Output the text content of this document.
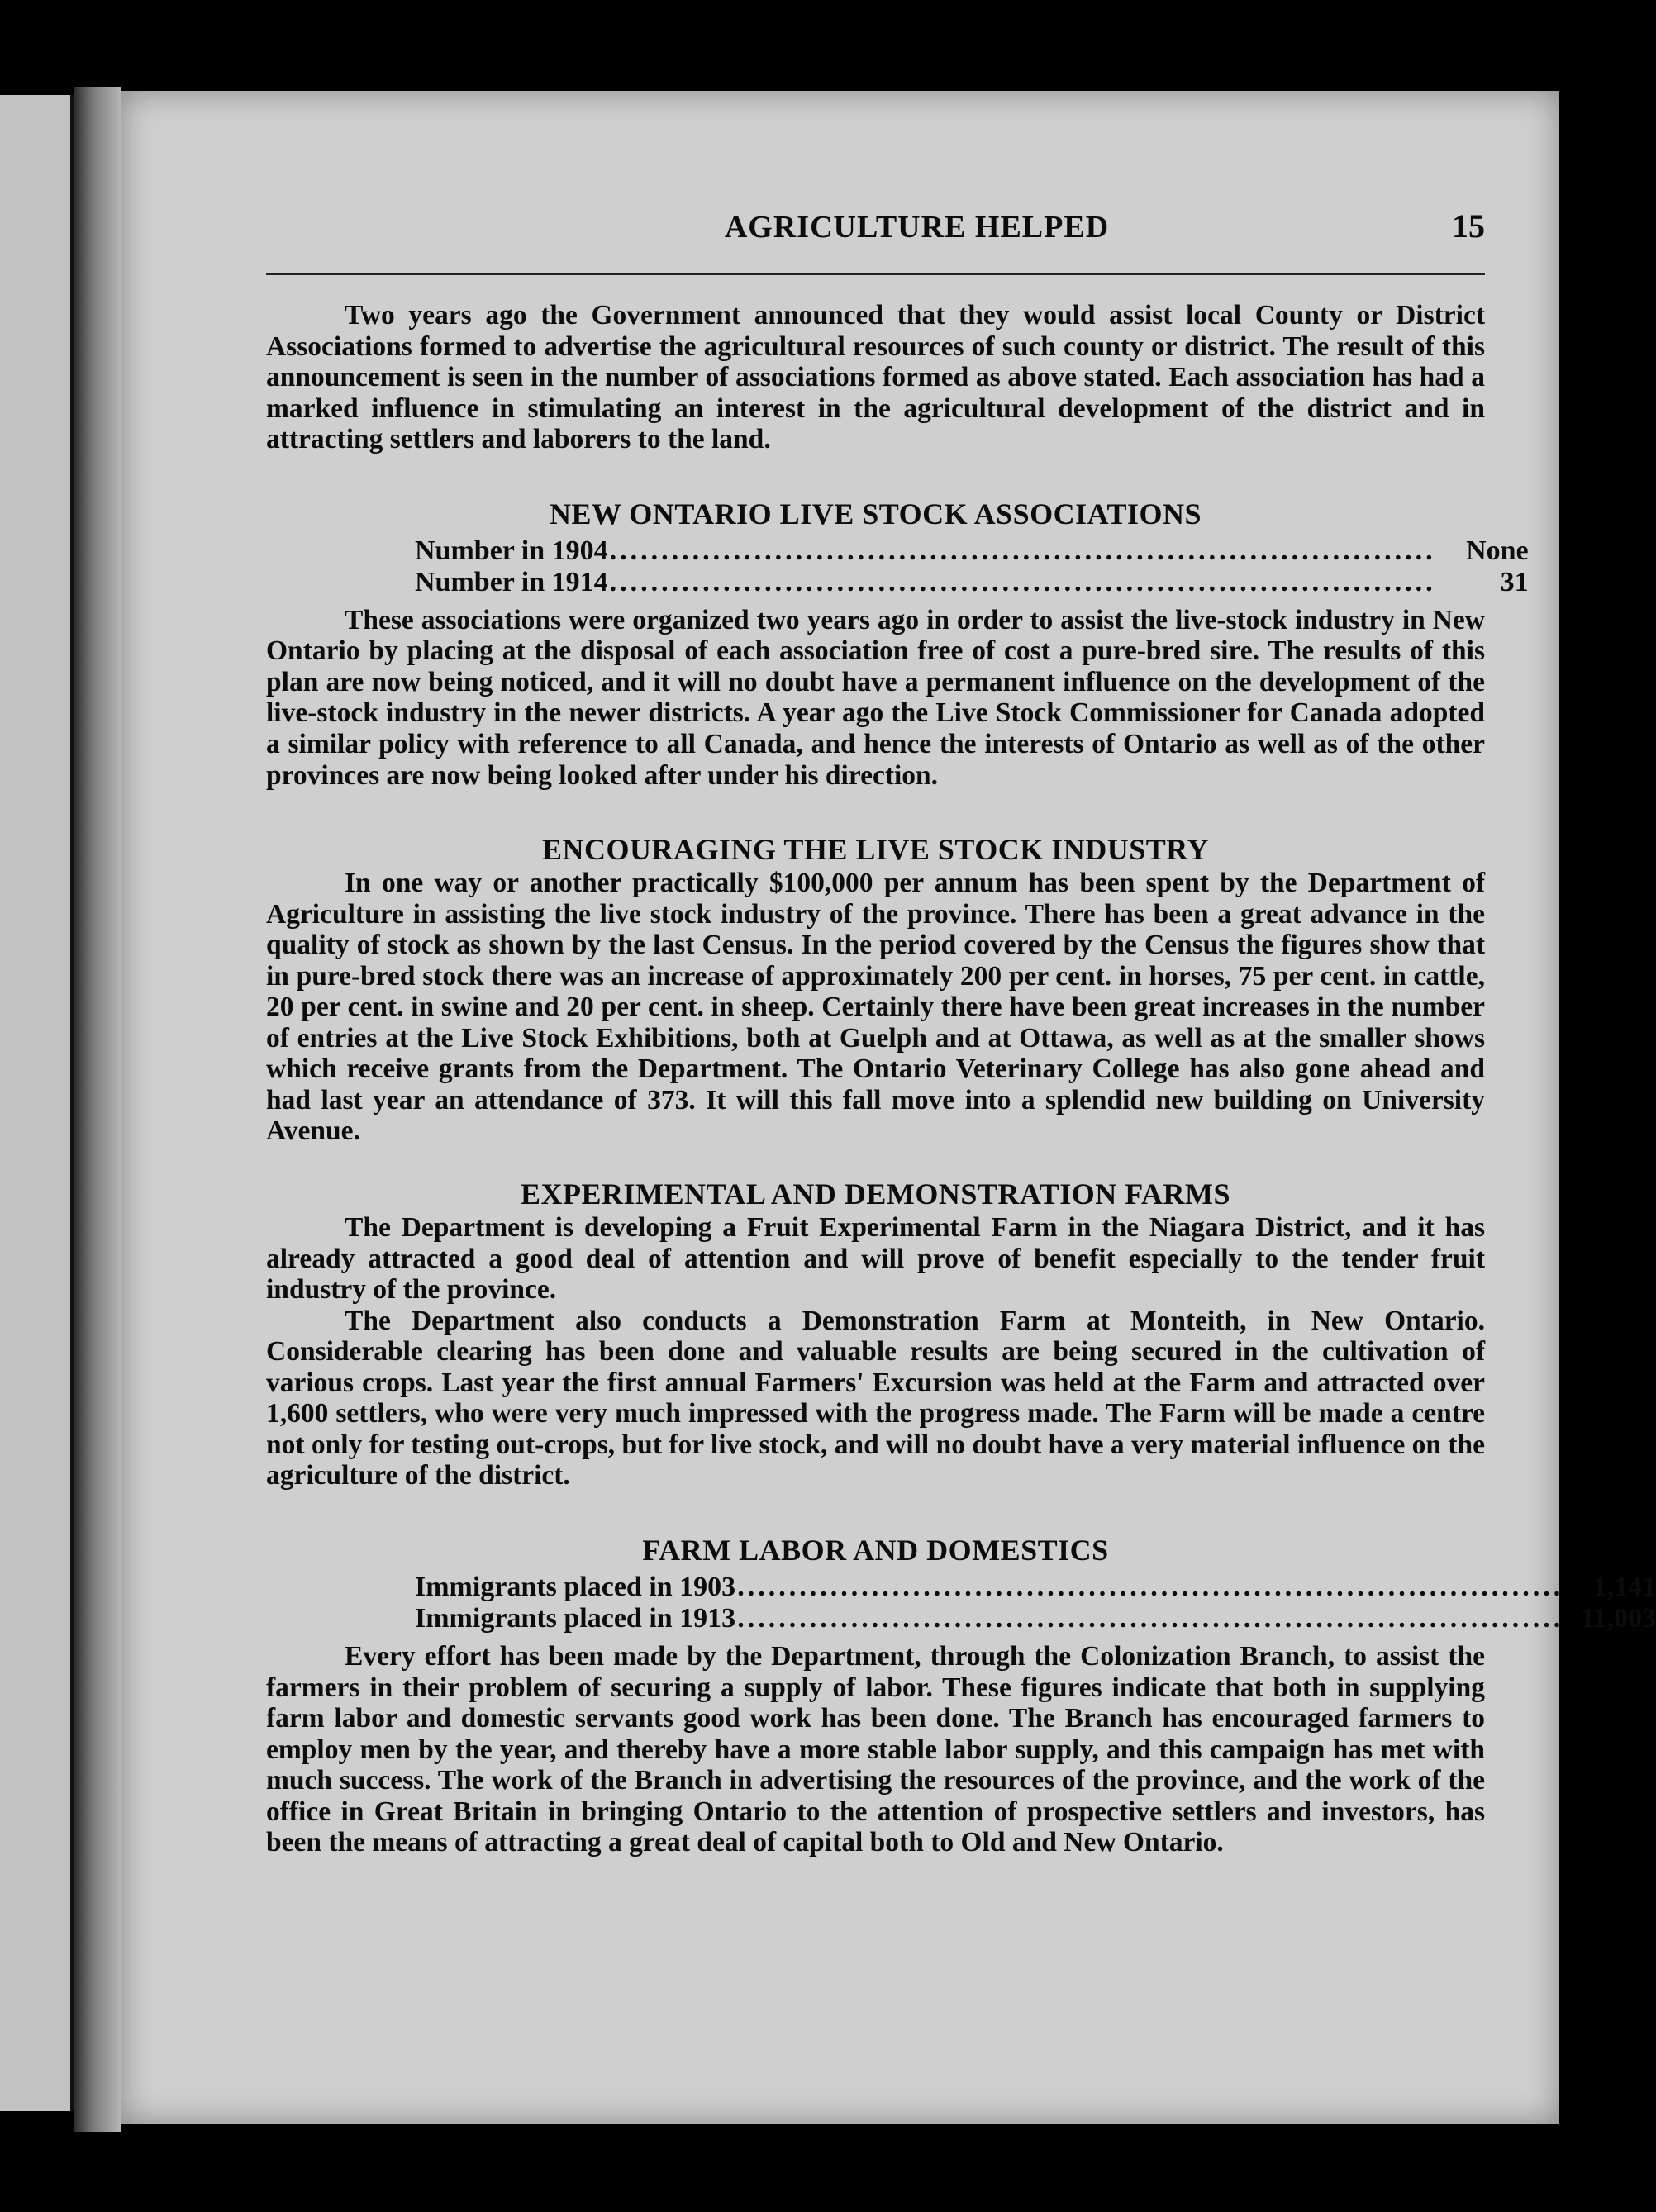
AGRICULTURE HELPED	15

Two years ago the Government announced that they would assist local County or District Associations formed to advertise the agricultural resources of such county or district. The result of this announcement is seen in the number of associations formed as above stated. Each association has had a marked influence in stimulating an interest in the agricultural development of the district and in attracting settlers and laborers to the land.

NEW ONTARIO LIVE STOCK ASSOCIATIONS
Number in 1904 ................................................................................	None
Number in 1914 ................................................................................	31

These associations were organized two years ago in order to assist the live-stock industry in New Ontario by placing at the disposal of each association free of cost a pure-bred sire. The results of this plan are now being noticed, and it will no doubt have a permanent influence on the development of the live-stock industry in the newer districts. A year ago the Live Stock Commissioner for Canada adopted a similar policy with reference to all Canada, and hence the interests of Ontario as well as of the other provinces are now being looked after under his direction.

ENCOURAGING THE LIVE STOCK INDUSTRY

In one way or another practically $100,000 per annum has been spent by the Department of Agriculture in assisting the live stock industry of the province. There has been a great advance in the quality of stock as shown by the last Census. In the period covered by the Census the figures show that in pure-bred stock there was an increase of approximately 200 per cent. in horses, 75 per cent. in cattle, 20 per cent. in swine and 20 per cent. in sheep. Certainly there have been great increases in the number of entries at the Live Stock Exhibitions, both at Guelph and at Ottawa, as well as at the smaller shows which receive grants from the Department. The Ontario Veterinary College has also gone ahead and had last year an attendance of 373. It will this fall move into a splendid new building on University Avenue.

EXPERIMENTAL AND DEMONSTRATION FARMS

The Department is developing a Fruit Experimental Farm in the Niagara District, and it has already attracted a good deal of attention and will prove of benefit especially to the tender fruit industry of the province.

The Department also conducts a Demonstration Farm at Monteith, in New Ontario. Considerable clearing has been done and valuable results are being secured in the cultivation of various crops. Last year the first annual Farmers' Excursion was held at the Farm and attracted over 1,600 settlers, who were very much impressed with the progress made. The Farm will be made a centre not only for testing out-crops, but for live stock, and will no doubt have a very material influence on the agriculture of the district.

FARM LABOR AND DOMESTICS
Immigrants placed in 1903 ................................................................................	1,141
Immigrants placed in 1913 ................................................................................ 11,003

Every effort has been made by the Department, through the Colonization Branch, to assist the farmers in their problem of securing a supply of labor. These figures indicate that both in supplying farm labor and domestic servants good work has been done. The Branch has encouraged farmers to employ men by the year, and thereby have a more stable labor supply, and this campaign has met with much success. The work of the Branch in advertising the resources of the province, and the work of the office in Great Britain in bringing Ontario to the attention of prospective settlers and investors, has been the means of attracting a great deal of capital both to Old and New Ontario.
